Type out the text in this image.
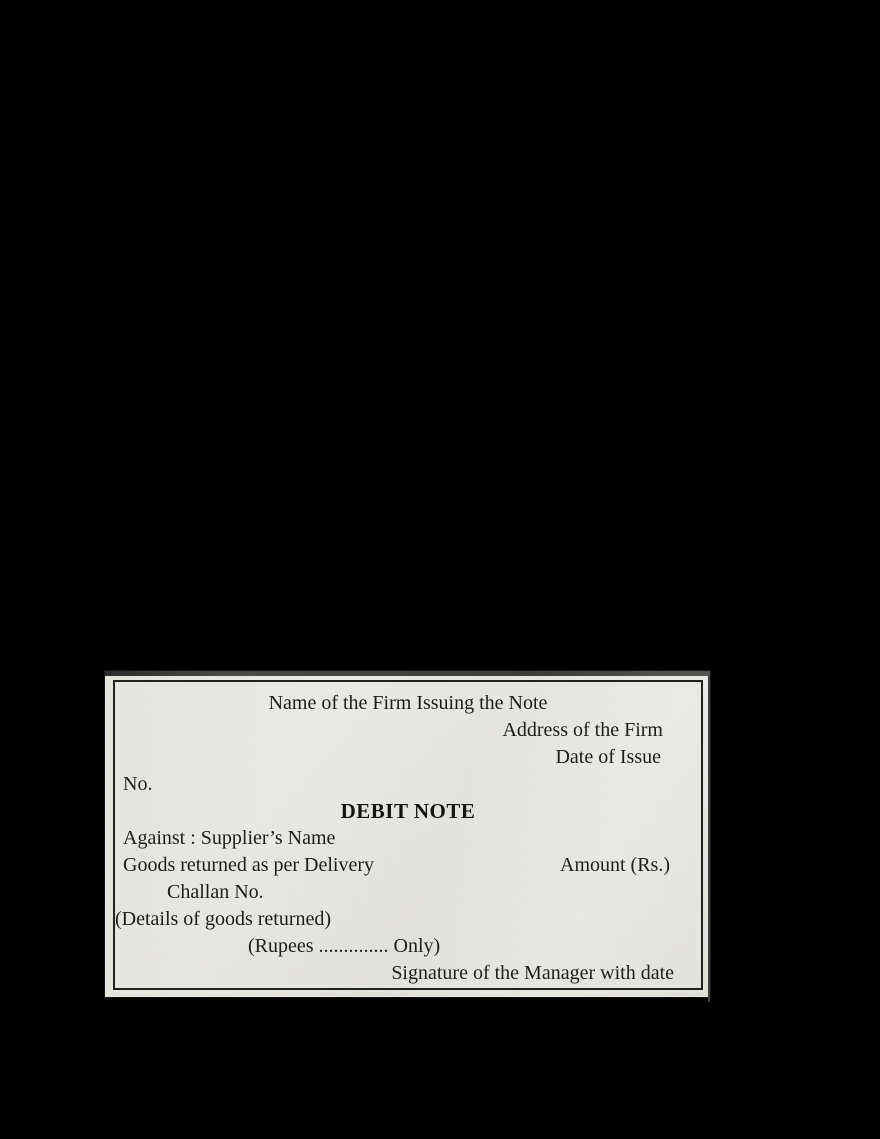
Name of the Firm Issuing the Note
Address of the Firm
Date of Issue
No.
DEBIT NOTE
Against : Supplier’s Name
Goods returned as per Delivery	Amount (Rs.)
Challan No.
(Details of goods returned)
(Rupees .............. Only)
Signature of the Manager with date
